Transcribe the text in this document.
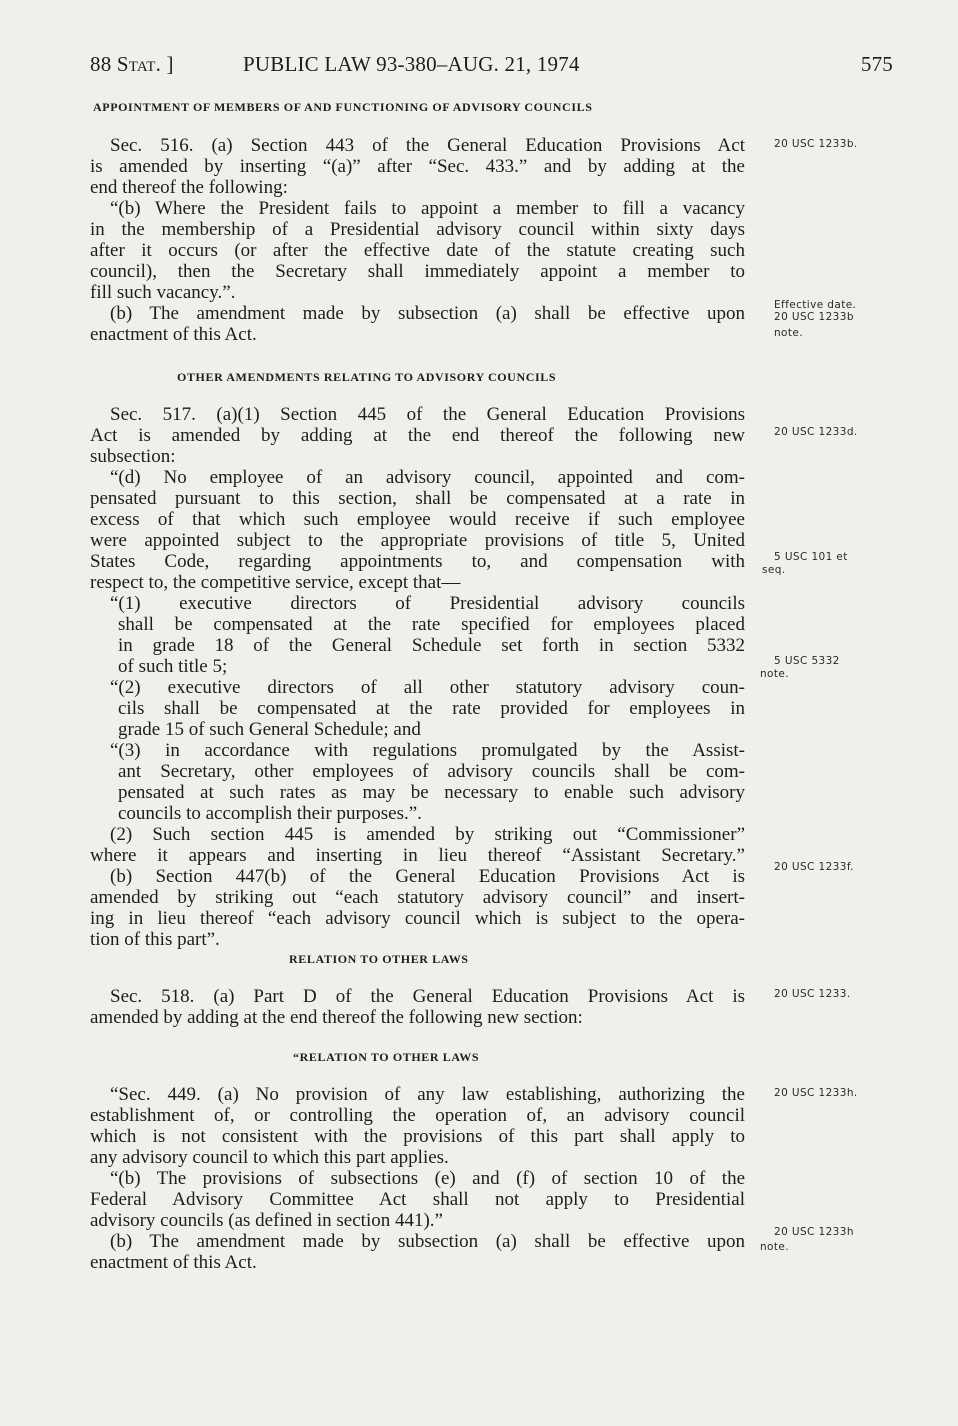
88 Stat. ]	PUBLIC LAW 93-380–AUG. 21, 1974	575
APPOINTMENT OF MEMBERS OF AND FUNCTIONING OF ADVISORY COUNCILS
OTHER AMENDMENTS RELATING TO ADVISORY COUNCILS
RELATION TO OTHER LAWS
“RELATION TO OTHER LAWS
Sec. 516. (a) Section 443 of the General Education Provisions Act
is amended by inserting “(a)” after “Sec. 433.” and by adding at the
end thereof the following:
“(b) Where the President fails to appoint a member to fill a vacancy
in the membership of a Presidential advisory council within sixty days
after it occurs (or after the effective date of the statute creating such
council), then the Secretary shall immediately appoint a member to
fill such vacancy.”.
(b) The amendment made by subsection (a) shall be effective upon
enactment of this Act.
Sec. 517. (a)(1) Section 445 of the General Education Provisions
Act is amended by adding at the end thereof the following new
subsection:
“(d) No employee of an advisory council, appointed and com-
pensated pursuant to this section, shall be compensated at a rate in
excess of that which such employee would receive if such employee
were appointed subject to the appropriate provisions of title 5, United
States Code, regarding appointments to, and compensation with
respect to, the competitive service, except that—
“(1) executive directors of Presidential advisory councils
shall be compensated at the rate specified for employees placed
in grade 18 of the General Schedule set forth in section 5332
of such title 5;
“(2) executive directors of all other statutory advisory coun-
cils shall be compensated at the rate provided for employees in
grade 15 of such General Schedule; and
“(3) in accordance with regulations promulgated by the Assist-
ant Secretary, other employees of advisory councils shall be com-
pensated at such rates as may be necessary to enable such advisory
councils to accomplish their purposes.”.
(2) Such section 445 is amended by striking out “Commissioner”
where it appears and inserting in lieu thereof “Assistant Secretary.”
(b) Section 447(b) of the General Education Provisions Act is
amended by striking out “each statutory advisory council” and insert-
ing in lieu thereof “each advisory council which is subject to the opera-
tion of this part”.
Sec. 518. (a) Part D of the General Education Provisions Act is
amended by adding at the end thereof the following new section:
“Sec. 449. (a) No provision of any law establishing, authorizing the
establishment of, or controlling the operation of, an advisory council
which is not consistent with the provisions of this part shall apply to
any advisory council to which this part applies.
“(b) The provisions of subsections (e) and (f) of section 10 of the
Federal Advisory Committee Act shall not apply to Presidential
advisory councils (as defined in section 441).”
(b) The amendment made by subsection (a) shall be effective upon
enactment of this Act.
20 USC 1233b.
Effective date.
20 USC 1233b
note.
20 USC 1233d.
5 USC 101 et
seq.
5 USC 5332
note.
20 USC 1233f.
20 USC 1233.
20 USC 1233h.
20 USC 1233h
note.
